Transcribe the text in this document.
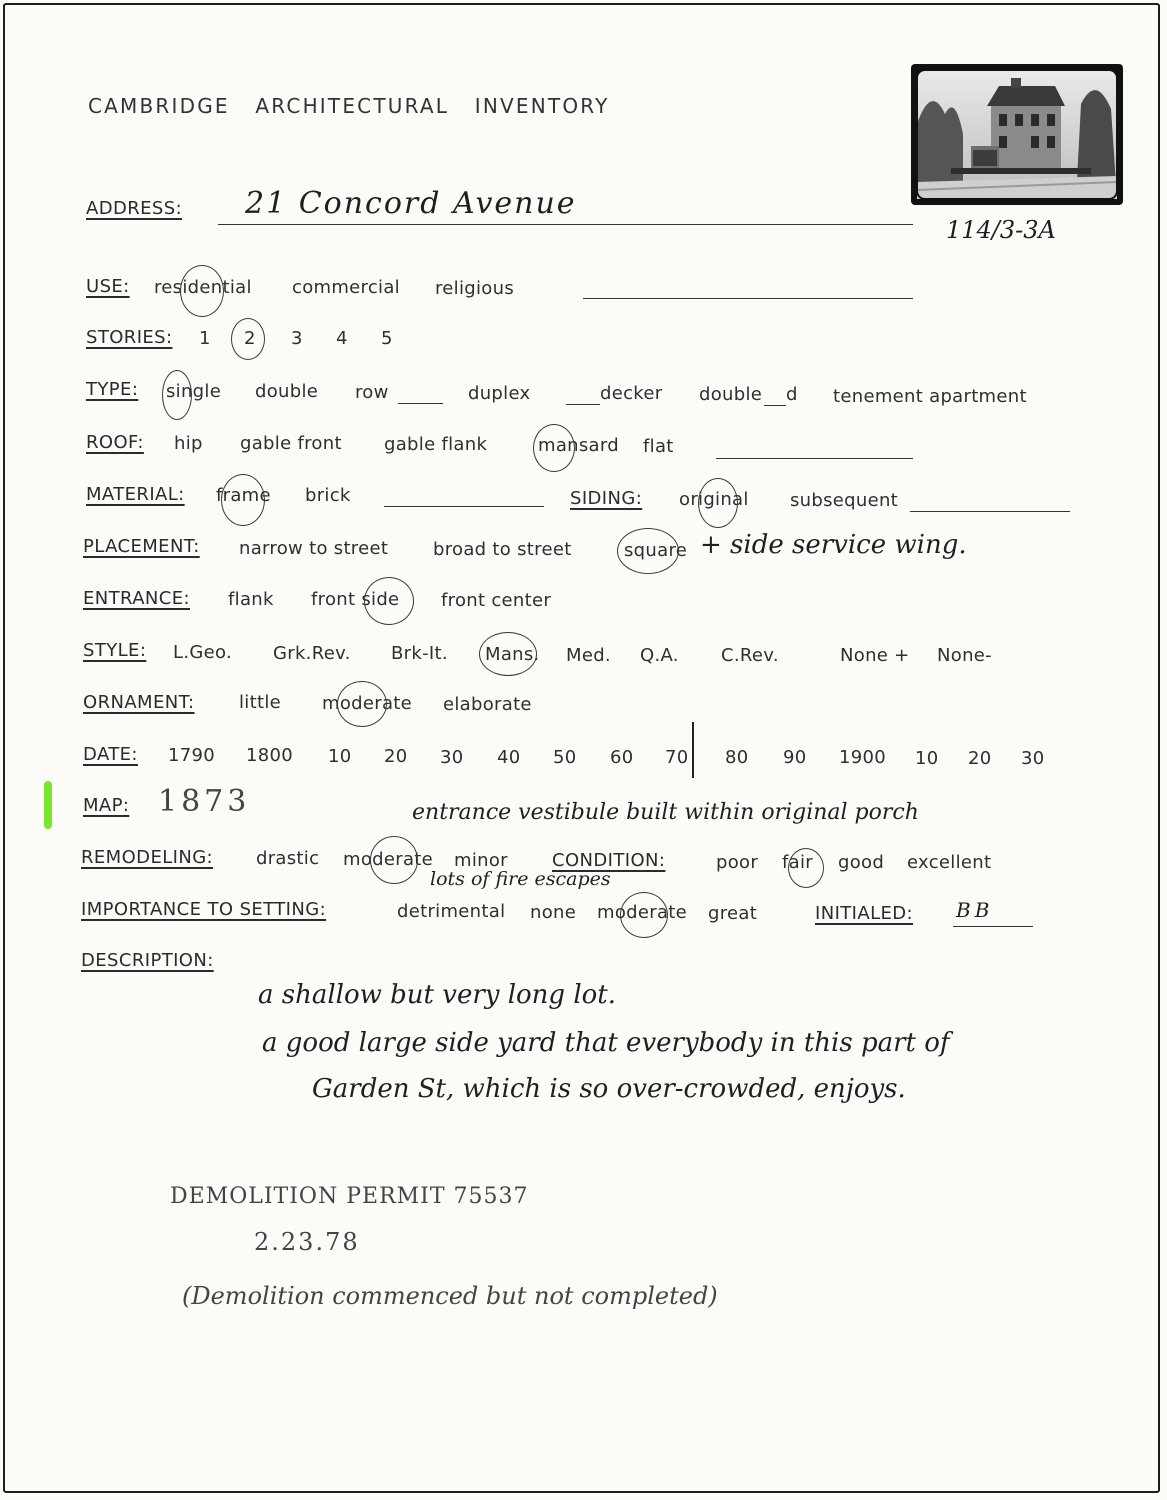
CAMBRIDGE   ARCHITECTURAL   INVENTORY
ADDRESS: 21 Concord Avenue
114/3-3A
USE: residential commercial religious
STORIES: 1 2 3 4 5
TYPE: single double row	duplex	decker double d tenement apartment
ROOF: hip gable front gable flank	mansard flat
MATERIAL: frame brick	SIDING: original subsequent
PLACEMENT: narrow to street broad to street	square + side service wing.
ENTRANCE: flank front side front center
STYLE: L.Geo. Grk.Rev. Brk-It. Mans. Med. Q.A. C.Rev.	None + None-
ORNAMENT: little moderate elaborate
DATE: 1790 1800 10 20 30 40 50 60 70 80 90 1900 10 20 30
MAP: 1873	entrance vestibule built within original porch
REMODELING: drastic moderate minor CONDITION:	poor fair good excellent
lots of fire escapes
IMPORTANCE TO SETTING:	detrimental none moderate great	INITIALED: BB
DESCRIPTION:
a shallow but very long lot.
a good large side yard that everybody in this part of
Garden St, which is so over-crowded, enjoys.
DEMOLITION PERMIT 75537
2.23.78
(Demolition commenced but not completed)
